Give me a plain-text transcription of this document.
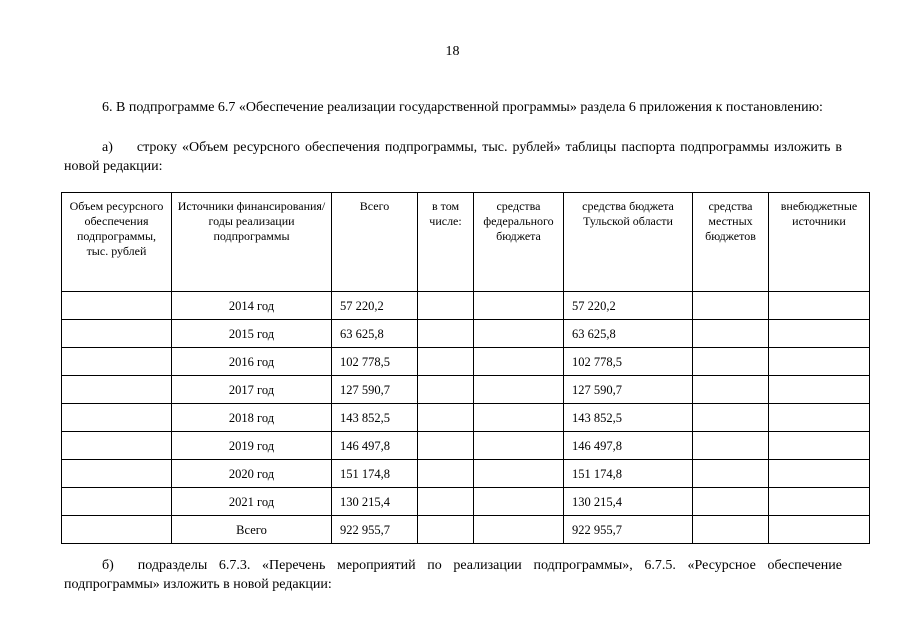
18
6. В подпрограмме 6.7 «Обеспечение реализации государственной программы» раздела 6 приложения к постановлению:
а) строку «Объем ресурсного обеспечения подпрограммы, тыс. рублей» таблицы паспорта подпрограммы изложить в новой редакции:
Объем ресурсного обеспечения подпрограммы, тыс. рублей	Источники финансирования/годы реализации подпрограммы	Всего	в том числе:	средства федерального бюджета	средства бюджета Тульской области	средства местных бюджетов	внебюджетные источники
	2014 год	57 220,2			57 220,2		
	2015 год	63 625,8			63 625,8		
	2016 год	102 778,5			102 778,5		
	2017 год	127 590,7			127 590,7		
	2018 год	143 852,5			143 852,5		
	2019 год	146 497,8			146 497,8		
	2020 год	151 174,8			151 174,8		
	2021 год	130 215,4			130 215,4		
	Всего	922 955,7			922 955,7		
б) подразделы 6.7.3. «Перечень мероприятий по реализации подпрограммы», 6.7.5. «Ресурсное обеспечение подпрограммы» изложить в новой редакции:
